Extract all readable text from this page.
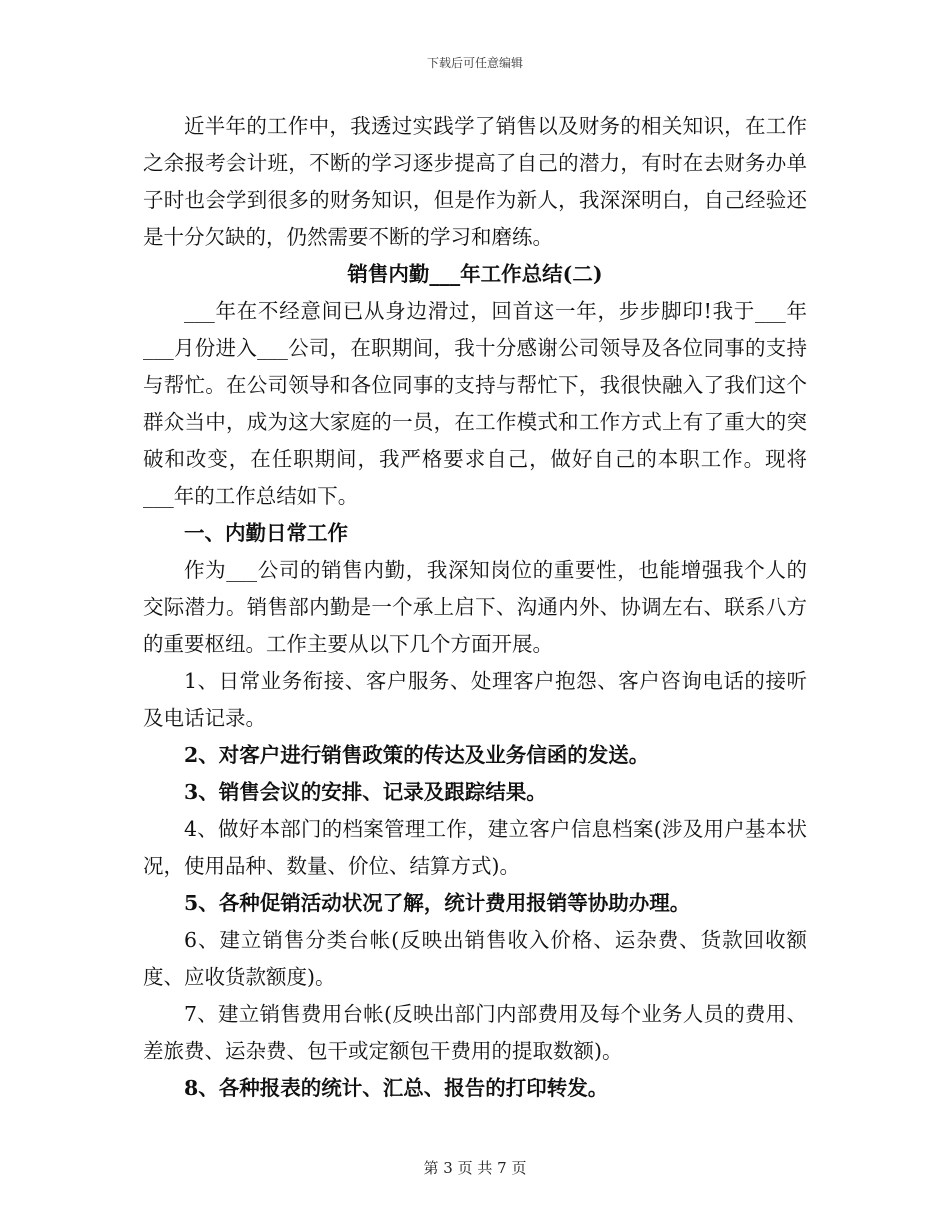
下载后可任意编辑

近半年的工作中，我透过实践学了销售以及财务的相关知识，在工作之余报考会计班，不断的学习逐步提高了自己的潜力，有时在去财务办单子时也会学到很多的财务知识，但是作为新人，我深深明白，自己经验还是十分欠缺的，仍然需要不断的学习和磨练。

销售内勤___年工作总结(二)

___年在不经意间已从身边滑过，回首这一年，步步脚印!我于___年___月份进入___公司，在职期间，我十分感谢公司领导及各位同事的支持与帮忙。在公司领导和各位同事的支持与帮忙下，我很快融入了我们这个群众当中，成为这大家庭的一员，在工作模式和工作方式上有了重大的突破和改变，在任职期间，我严格要求自己，做好自己的本职工作。现将___年的工作总结如下。

一、内勤日常工作

作为___公司的销售内勤，我深知岗位的重要性，也能增强我个人的交际潜力。销售部内勤是一个承上启下、沟通内外、协调左右、联系八方的重要枢纽。工作主要从以下几个方面开展。

1、日常业务衔接、客户服务、处理客户抱怨、客户咨询电话的接听及电话记录。

2、对客户进行销售政策的传达及业务信函的发送。

3、销售会议的安排、记录及跟踪结果。

4、做好本部门的档案管理工作，建立客户信息档案(涉及用户基本状况，使用品种、数量、价位、结算方式)。

5、各种促销活动状况了解，统计费用报销等协助办理。

6、建立销售分类台帐(反映出销售收入价格、运杂费、货款回收额度、应收货款额度)。

7、建立销售费用台帐(反映出部门内部费用及每个业务人员的费用、差旅费、运杂费、包干或定额包干费用的提取数额)。

8、各种报表的统计、汇总、报告的打印转发。

第 3 页 共 7 页
